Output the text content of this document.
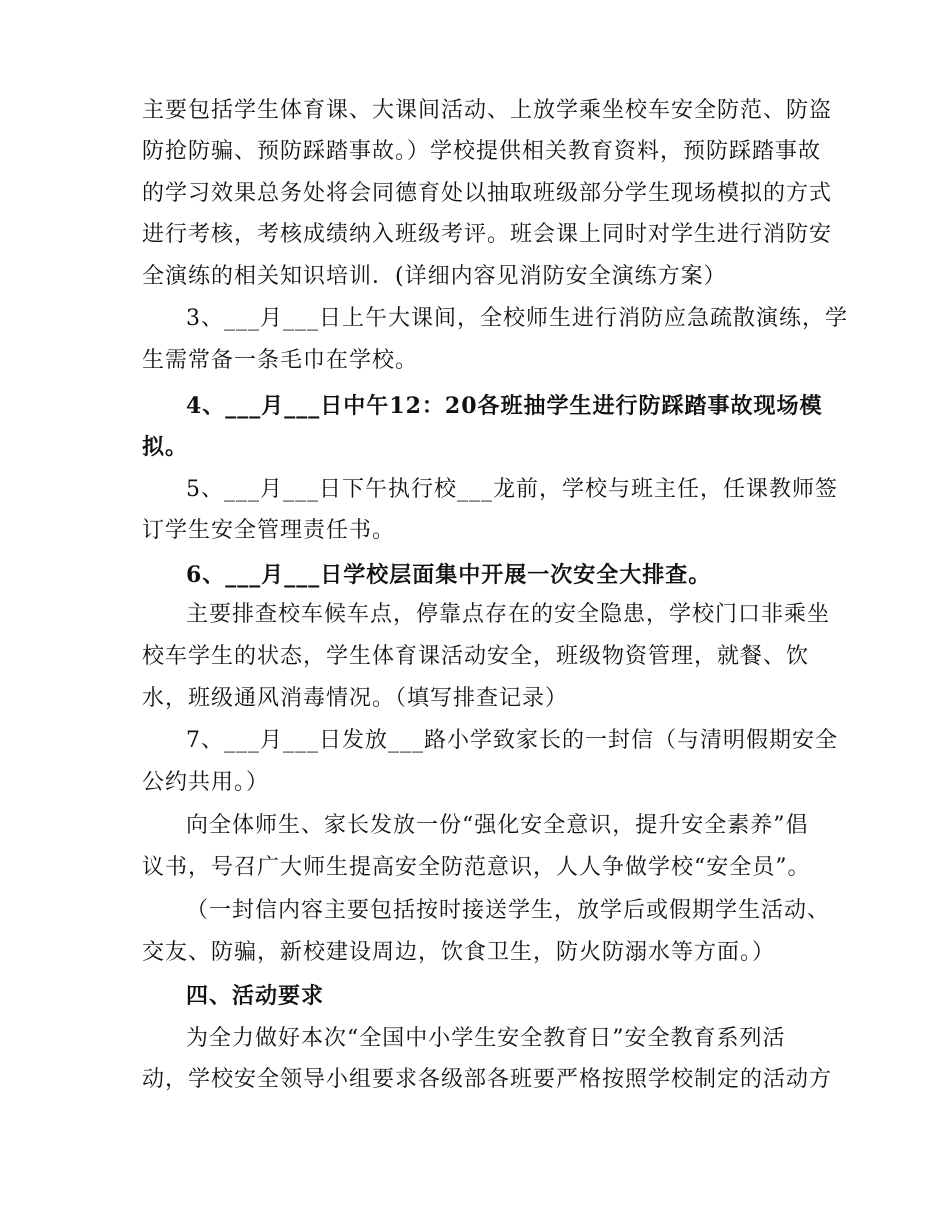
主要包括学生体育课、大课间活动、上放学乘坐校车安全防范、防盗
防抢防骗、预防踩踏事故。）学校提供相关教育资料，预防踩踏事故
的学习效果总务处将会同德育处以抽取班级部分学生现场模拟的方式
进行考核，考核成绩纳入班级考评。班会课上同时对学生进行消防安
全演练的相关知识培训．(详细内容见消防安全演练方案）
3、___月___日上午大课间，全校师生进行消防应急疏散演练，学
生需常备一条毛巾在学校。
4、___月___日中午12：20各班抽学生进行防踩踏事故现场模
拟。
5、___月___日下午执行校___龙前，学校与班主任，任课教师签
订学生安全管理责任书。
6、___月___日学校层面集中开展一次安全大排查。
主要排查校车候车点，停靠点存在的安全隐患，学校门口非乘坐
校车学生的状态，学生体育课活动安全，班级物资管理，就餐、饮
水，班级通风消毒情况。（填写排查记录）
7、___月___日发放___路小学致家长的一封信（与清明假期安全
公约共用。）
向全体师生、家长发放一份“强化安全意识，提升安全素养”倡
议书，号召广大师生提高安全防范意识，人人争做学校“安全员”。
（一封信内容主要包括按时接送学生，放学后或假期学生活动、
交友、防骗，新校建设周边，饮食卫生，防火防溺水等方面。）
四、活动要求
为全力做好本次“全国中小学生安全教育日”安全教育系列活
动，学校安全领导小组要求各级部各班要严格按照学校制定的活动方
